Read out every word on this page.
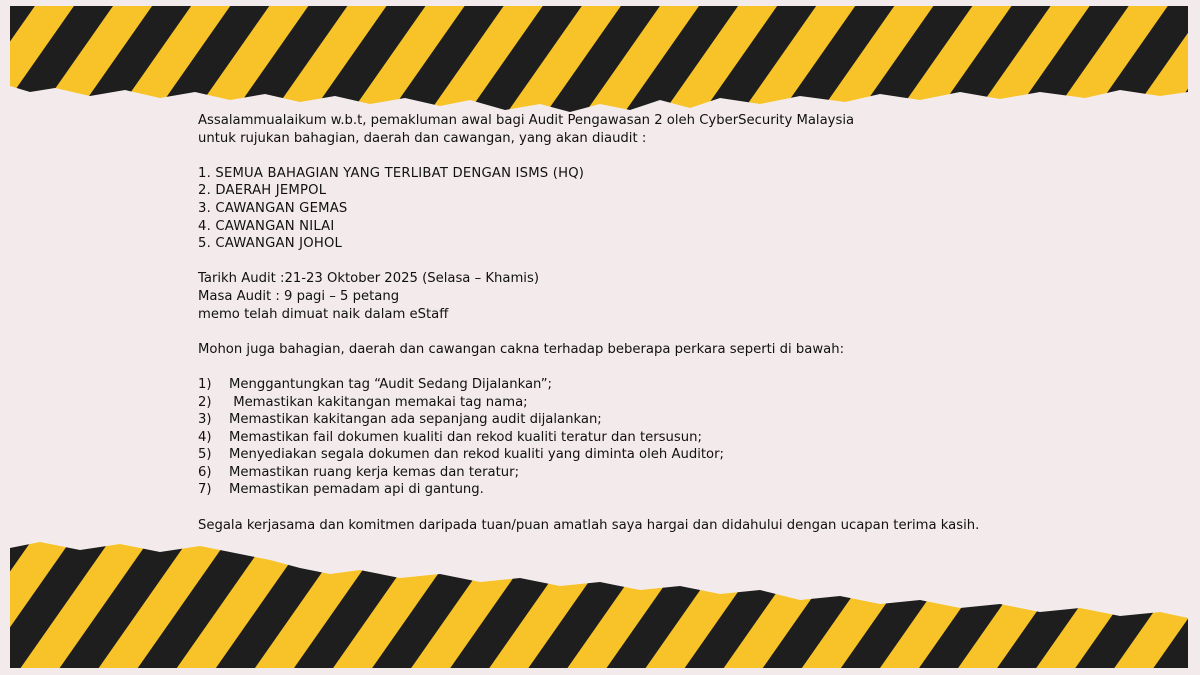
Assalammualaikum w.b.t, pemakluman awal bagi Audit Pengawasan 2 oleh CyberSecurity Malaysia

untuk rujukan bahagian, daerah dan cawangan, yang akan diaudit :

1. SEMUA BAHAGIAN YANG TERLIBAT DENGAN ISMS (HQ)

2. DAERAH JEMPOL

3. CAWANGAN GEMAS

4. CAWANGAN NILAI

5. CAWANGAN JOHOL

Tarikh Audit :21-23 Oktober 2025 (Selasa – Khamis)

Masa Audit : 9 pagi – 5 petang

memo telah dimuat naik dalam eStaff

Mohon juga bahagian, daerah dan cawangan cakna terhadap beberapa perkara seperti di bawah:

1)	Menggantungkan tag “Audit Sedang Dijalankan”;
2)	Memastikan kakitangan memakai tag nama;
3)	Memastikan kakitangan ada sepanjang audit dijalankan;
4)	Memastikan fail dokumen kualiti dan rekod kualiti teratur dan tersusun;
5)	Menyediakan segala dokumen dan rekod kualiti yang diminta oleh Auditor;
6)	Memastikan ruang kerja kemas dan teratur;
7)	Memastikan pemadam api di gantung.

Segala kerjasama dan komitmen daripada tuan/puan amatlah saya hargai dan didahului dengan ucapan terima kasih.
